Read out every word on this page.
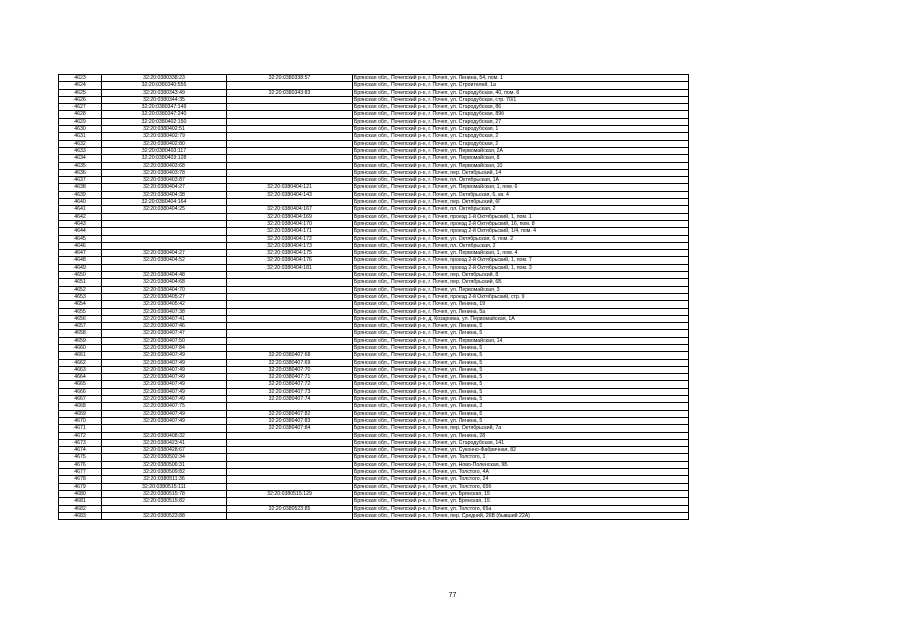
4623	32:20:0380338:23	32:20:0380338:57	Брянская обл., Почепский р-н, г. Почеп, ул. Ленина, 54, пом. 1
4624	32:20:0380340:555		Брянская обл., Почепский р-н, г. Почеп, ул. Строителей, 1а
4625	32:20:0380343:49	32:20:0380343:83	Брянская обл., Почепский р-н, г. Почеп, ул. Стародубская, 40, пом. 8
4626	32:20:0380344:35		Брянская обл., Почепский р-н, г. Почеп, ул. Стародубская, стр. 70/1
4627	32:20:0380347:149		Брянская обл., Почепский р-н, г. Почеп, ул. Стародубская, 86
4628	32:20:0380347:240		Брянская обл., Почепский р-н, г. Почеп, ул. Стародубская, 89б
4629	32:20:0380402:150		Брянская обл., Почепский р-н, г. Почеп, ул. Стародубская, 27
4630	32:20:0380402:51		Брянская обл., Почепский р-н, г. Почеп, ул. Стародубская, 1
4631	32:20:0380402:79		Брянская обл., Почепский р-н, г. Почеп, ул. Стародубская, 2
4632	32:20:0380402:80		Брянская обл., Почепский р-н, г. Почеп, ул. Стародубская, 2
4633	32:20:0380403:117		Брянская обл., Почепский р-н, г. Почеп, ул. Первомайская, 2А
4634	32:20:0380403:128		Брянская обл., Почепский р-н, г. Почеп, ул. Первомайская, 8
4635	32:20:0380403:68		Брянская обл., Почепский р-н, г. Почеп, ул. Первомайская, 10
4636	32:20:0380403:78		Брянская обл., Почепский р-н, г. Почеп, пер. Октябрьский, 14
4637	32:20:0380403:87		Брянская обл., Почепский р-н, г. Почеп, пл. Октябрьская, 1А
4638	32:20:0380404:27	32:20:0380404:121	Брянская обл., Почепский р-н, г. Почеп, ул. Первомайская, 1, пом. 6
4639	32:20:0380404:38	32:20:0380404:143	Брянская обл., Почепский р-н, г. Почеп, ул. Октябрьская, 6, кв. 4
4640	32:20:0380404:164		Брянская обл., Почепский р-н, г. Почеп, пер. Октябрьский, 6Г
4641	32:20:0380404:25	32:20:0380404:167	Брянская обл., Почепский р-н, г. Почеп, пл. Октябрьская, 2
4642		32:20:0380404:169	Брянская обл., Почепский р-н, г. Почеп, проезд 1-й Октябрьский, 1, пом. 1
4643		32:20:0380404:170	Брянская обл., Почепский р-н, г. Почеп, проезд 2-й Октябрьский, 16, пом. 8
4644		32:20:0380404:171	Брянская обл., Почепский р-н, г. Почеп, проезд 2-й Октябрьский, 1/4, пом. 4
4645		32:20:0380404:172	Брянская обл., Почепский р-н, г. Почеп, ул. Октябрьская, 6, пом. 2
4646		32:20:0380404:173	Брянская обл., Почепский р-н, г. Почеп, пл. Октябрьская, 2
4647	32:20:0380404:27	32:20:0380404:175	Брянская обл., Почепский р-н, г. Почеп, ул. Первомайская, 1, пом. 4
4648	32:20:0380404:52	32:20:0380404:176	Брянская обл., Почепский р-н, г. Почеп, проезд 2-й Октябрьский, 1, пом. 7
4649		32:20:0380404:181	Брянская обл., Почепский р-н, г. Почеп, проезд 2-й Октябрьский, 1, пом. 3
4650	32:20:0380404:48		Брянская обл., Почепский р-н, г. Почеп, пер. Октябрьский, 8
4651	32:20:0380404:68		Брянская обл., Почепский р-н, г. Почеп, пер. Октябрьский, 6Б
4652	32:20:0380404:70		Брянская обл., Почепский р-н, г. Почеп, ул. Первомайская, 3
4653	32:20:0380405:27		Брянская обл., Почепский р-н, г. Почеп, проезд 2-й Октябрьский, стр. 9
4654	32:20:0380405:42		Брянская обл., Почепский р-н, г. Почеп, ул. Ленина, 19
4655	32:20:0380407:38		Брянская обл., Почепский р-н, г. Почеп, ул. Ленина, 5а
4656	32:20:0380407:41		Брянская обл., Почепский р-н, д. Козаровка, ул. Первомайская, 1А
4657	32:20:0380407:46		Брянская обл., Почепский р-н, г. Почеп, ул. Ленина, 5
4658	32:20:0380407:47		Брянская обл., Почепский р-н, г. Почеп, ул. Ленина, 5
4659	32:20:0380407:50		Брянская обл., Почепский р-н, г. Почеп, ул. Первомайская, 14
4660	32:20:0380407:84		Брянская обл., Почепский р-н, г. Почеп, ул. Ленина, 5
4661	32:20:0380407:49	32:20:0380407:68	Брянская обл., Почепский р-н, г. Почеп, ул. Ленина, 5
4662	32:20:0380407:49	32:20:0380407:69	Брянская обл., Почепский р-н, г. Почеп, ул. Ленина, 5
4663	32:20:0380407:49	32:20:0380407:70	Брянская обл., Почепский р-н, г. Почеп, ул. Ленина, 5
4664	32:20:0380407:49	32:20:0380407:71	Брянская обл., Почепский р-н, г. Почеп, ул. Ленина, 5
4665	32:20:0380407:49	32:20:0380407:72	Брянская обл., Почепский р-н, г. Почеп, ул. Ленина, 5
4666	32:20:0380407:49	32:20:0380407:73	Брянская обл., Почепский р-н, г. Почеп, ул. Ленина, 5
4667	32:20:0380407:49	32:20:0380407:74	Брянская обл., Почепский р-н, г. Почеп, ул. Ленина, 5
4668	32:20:0380407:75		Брянская обл., Почепский р-н, г. Почеп, ул. Ленина, 3
4669	32:20:0380407:49	32:20:0380407:82	Брянская обл., Почепский р-н, г. Почеп, ул. Ленина, 5
4670	32:20:0380407:49	32:20:0380407:83	Брянская обл., Почепский р-н, г. Почеп, ул. Ленина, 5
4671		32:20:0380407:84	Брянская обл., Почепский р-н, г. Почеп, пер. Октябрьский, 7а
4672	32:20:0380408:32		Брянская обл., Почепский р-н, г. Почеп, ул. Ленина, 28
4673	32:20:0380423:41		Брянская обл., Почепский р-н, г. Почеп, ул. Стародубская, 141
4674	32:20:0380428:67		Брянская обл., Почепский р-н, г. Почеп, ул. Суконно-Фабричная, 82
4675	32:20:0380502:34		Брянская обл., Почепский р-н, г. Почеп, ул. Толстого, 1
4676	32:20:0380506:31		Брянская обл., Почепский р-н, г. Почеп, ул. Ново-Поленская, 9Б
4677	32:20:0380509:82		Брянская обл., Почепский р-н, г. Почеп, ул. Толстого, 4А
4678	32:20:0380511:36		Брянская обл., Почепский р-н, г. Почеп, ул. Толстого, 24
4679	32:20:0380515:111		Брянская обл., Почепский р-н, г. Почеп, ул. Толстого, 65б
4680	32:20:0380515:78	32:20:0380515:129	Брянская обл., Почепский р-н, г. Почеп, ул. Брянская, 15
4681	32:20:0380515:82		Брянская обл., Почепский р-н, г. Почеп, ул. Брянская, 15
4682		32:20:0380523:85	Брянская обл., Почепский р-н, г. Почеп, ул. Толстого, 65а
4683	32:20:0380523:88		Брянская обл., Почепский р-н, г. Почеп, пер. Средний, 26В (бывший 22А)
77
